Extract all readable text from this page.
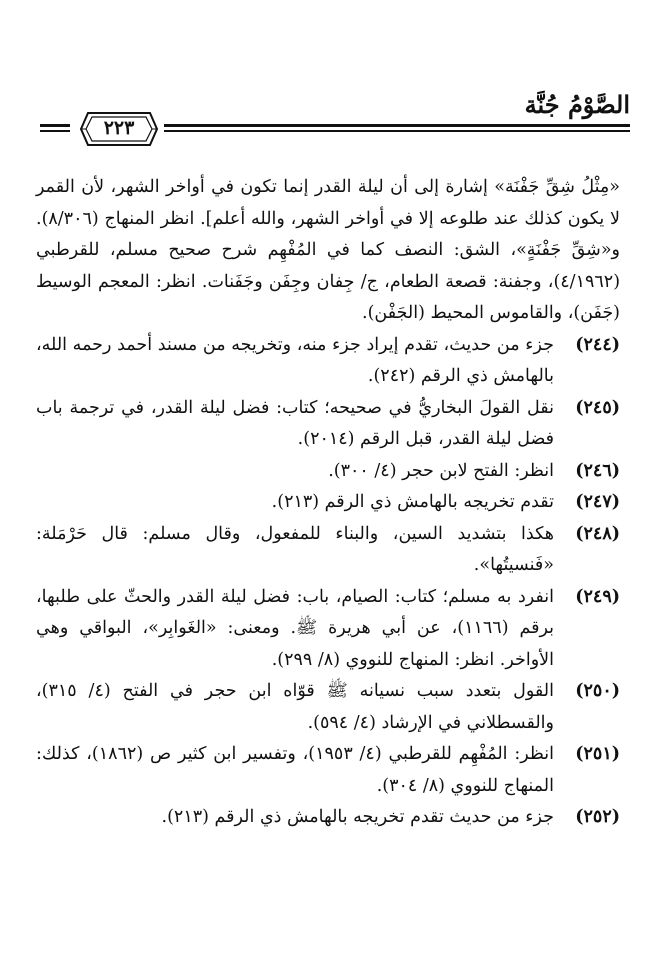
الصَّوْمُ جُنَّة
٢٢٣

«مِثْلُ شِقِّ جَفْنَة» إشارة إلى أن ليلة القدر إنما تكون في أواخر الشهر، لأن القمر لا يكون كذلك عند طلوعه إلا في أواخر الشهر، والله أعلم]. انظر المنهاج (٨/٣٠٦). و«شِقِّ جَفْنَةٍ»، الشق: النصف كما في المُفْهِم شرح صحيح مسلم، للقرطبي (٤/١٩٦٢)، وجفنة: قصعة الطعام، ج/ جِفان وجِفَن وجَفَنات. انظر: المعجم الوسيط (جَفَن)، والقاموس المحيط (الجَفْن).

(٢٤٤)
جزء من حديث، تقدم إيراد جزء منه، وتخريجه من مسند أحمد رحمه الله، بالهامش ذي الرقم (٢٤٢).
(٢٤٥)
نقل القولَ البخاريُّ في صحيحه؛ كتاب: فضل ليلة القدر، في ترجمة باب فضل ليلة القدر، قبل الرقم (٢٠١٤).
(٢٤٦)
انظر: الفتح لابن حجر (٤/ ٣٠٠).
(٢٤٧)
تقدم تخريجه بالهامش ذي الرقم (٢١٣).
(٢٤٨)
هكذا بتشديد السين، والبناء للمفعول، وقال مسلم: قال حَرْمَلة: «فَنسيتُها».
(٢٤٩)
انفرد به مسلم؛ كتاب: الصيام، باب: فضل ليلة القدر والحثّ على طلبها، برقم (١١٦٦)، عن أبي هريرة ﷺ. ومعنى: «الغَوابِر»، البواقي وهي الأواخر. انظر: المنهاج للنووي (٨/ ٢٩٩).
(٢٥٠)
القول بتعدد سبب نسيانه ﷺ قوّاه ابن حجر في الفتح (٤/ ٣١٥)، والقسطلاني في الإرشاد (٤/ ٥٩٤).
(٢٥١)
انظر: المُفْهِم للقرطبي (٤/ ١٩٥٣)، وتفسير ابن كثير ص (١٨٦٢)، كذلك: المنهاج للنووي (٨/ ٣٠٤).
(٢٥٢)
جزء من حديث تقدم تخريجه بالهامش ذي الرقم (٢١٣).
